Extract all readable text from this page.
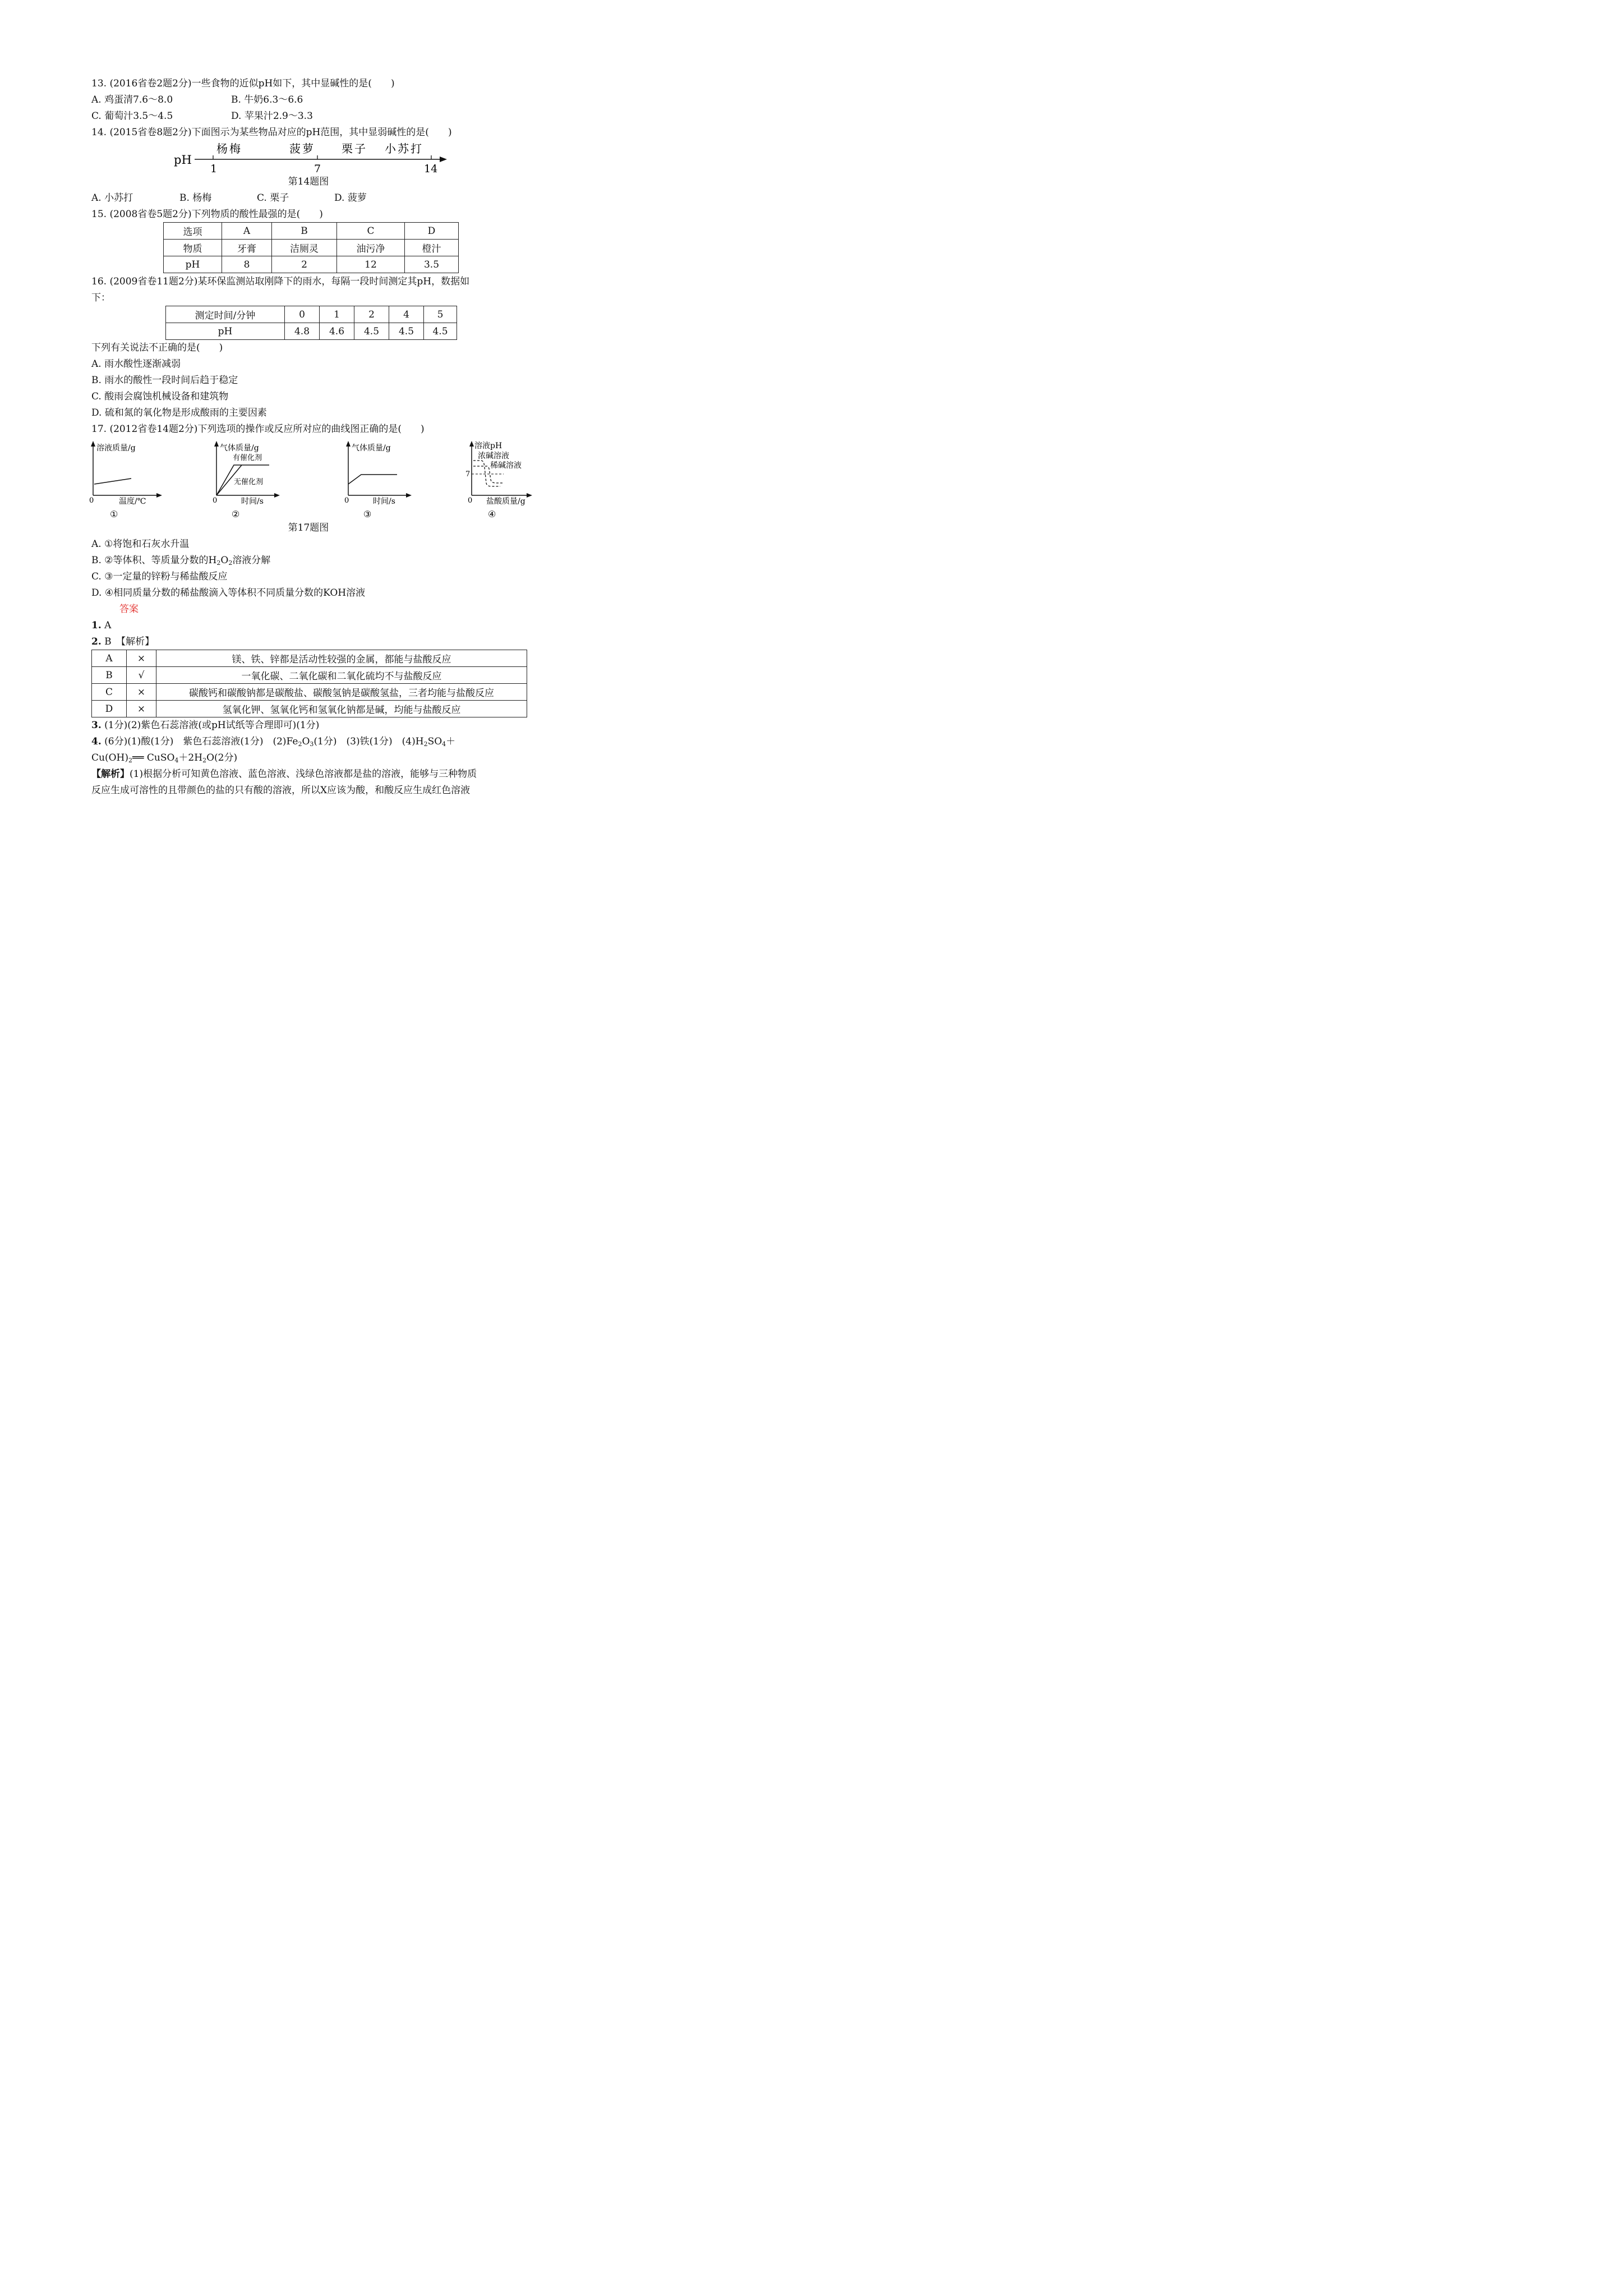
13. (2016省卷2题2分)一些食物的近似pH如下，其中显碱性的是(　　)
A. 鸡蛋清7.6～8.0	B. 牛奶6.3～6.6
C. 葡萄汁3.5～4.5	D. 苹果汁2.9～3.3
14. (2015省卷8题2分)下面图示为某些物品对应的pH范围，其中显弱碱性的是(　　)
pH
1	7	14
杨梅	菠萝 栗子 小苏打
第14题图
A. 小苏打	B. 杨梅	C. 栗子	D. 菠萝
15. (2008省卷5题2分)下列物质的酸性最强的是(　　)
选项	A	B	C	D
物质	牙膏	洁厕灵	油污净	橙汁
pH	8	2	12	3.5
16. (2009省卷11题2分)某环保监测站取刚降下的雨水，每隔一段时间测定其pH，数据如
下：
测定时间/分钟	0	1	2	4	5
pH	4.8	4.6	4.5	4.5	4.5
下列有关说法不正确的是(　　)
A. 雨水酸性逐渐减弱
B. 雨水的酸性一段时间后趋于稳定
C. 酸雨会腐蚀机械设备和建筑物
D. 硫和氮的氧化物是形成酸雨的主要因素
17. (2012省卷14题2分)下列选项的操作或反应所对应的曲线图正确的是(　　)
溶液质量/g
0	温度/℃
①
气体质量/g
0	时间/s
有催化剂
无催化剂
②
气体质量/g
0	时间/s
③
溶液pH
浓碱溶液
稀碱溶液
7
0 盐酸质量/g
④
第17题图
A. ①将饱和石灰水升温
B. ②等体积、等质量分数的$H_2O_2$溶液分解
C. ③一定量的锌粉与稀盐酸反应
D. ④相同质量分数的稀盐酸滴入等体积不同质量分数的KOH溶液
答案
1. A
2. B　【解析】
A	×	镁、铁、锌都是活动性较强的金属，都能与盐酸反应
B	√	一氧化碳、二氧化碳和二氧化硫均不与盐酸反应
C	×	碳酸钙和碳酸钠都是碳酸盐、碳酸氢钠是碳酸氢盐，三者均能与盐酸反应
D	×	氢氧化钾、氢氧化钙和氢氧化钠都是碱，均能与盐酸反应
3. (1分)(2)紫色石蕊溶液(或pH试纸等合理即可)(1分)
4. (6分)(1)酸(1分)　紫色石蕊溶液(1分)　$(2)Fe_2O_3(1$分)　(3)铁(1分)　$(4)H_2SO_4+$
$Cu(OH)_2══$ $CuSO_4+2H_2O(2$分)
【解析】(1)根据分析可知黄色溶液、蓝色溶液、浅绿色溶液都是盐的溶液，能够与三种物质
反应生成可溶性的且带颜色的盐的只有酸的溶液，所以X应该为酸，和酸反应生成红色溶液
